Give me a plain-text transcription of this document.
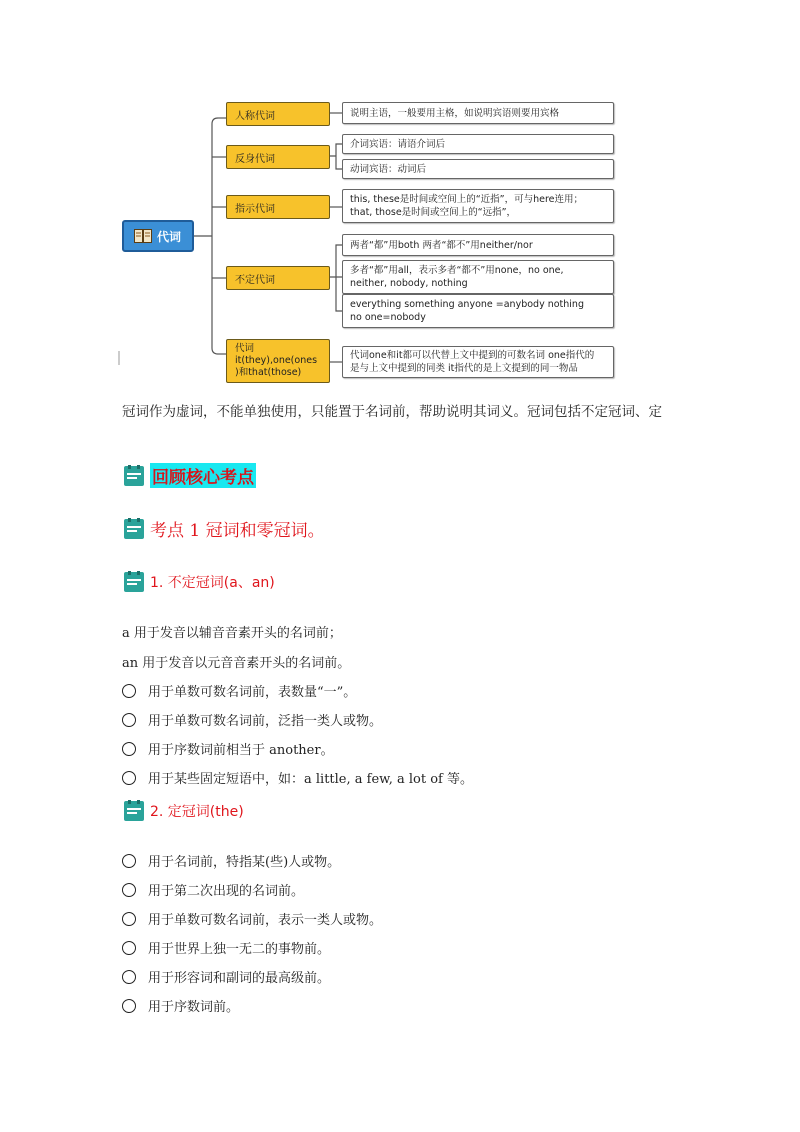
代词
人称代词
反身代词
指示代词
不定代词
代词
it(they),one(ones
)和that(those)
说明主语，一般要用主格，如说明宾语则要用宾格
介词宾语：请语介词后
动词宾语：动词后
this, these是时间或空间上的“近指”，可与here连用；
that, those是时间或空间上的“远指”，
两者“都”用both 两者“都不”用neither/nor
多者“都”用all，表示多者“都不”用none，no one,
neither, nobody, nothing
everything something anyone =anybody nothing
no one=nobody
代词one和it都可以代替上文中提到的可数名词 one指代的
是与上文中提到的同类 it指代的是上文提到的同一物品
冠词作为虚词，不能单独使用，只能置于名词前，帮助说明其词义。冠词包括不定冠词、定
回顾核心考点
考点 1 冠词和零冠词。
1. 不定冠词(a、an)
a 用于发音以辅音音素开头的名词前；
an 用于发音以元音音素开头的名词前。
用于单数可数名词前，表数量“一”。
用于单数可数名词前，泛指一类人或物。
用于序数词前相当于 another。
用于某些固定短语中，如：a little, a few, a lot of 等。
2. 定冠词(the)
用于名词前，特指某(些)人或物。
用于第二次出现的名词前。
用于单数可数名词前，表示一类人或物。
用于世界上独一无二的事物前。
用于形容词和副词的最高级前。
用于序数词前。
